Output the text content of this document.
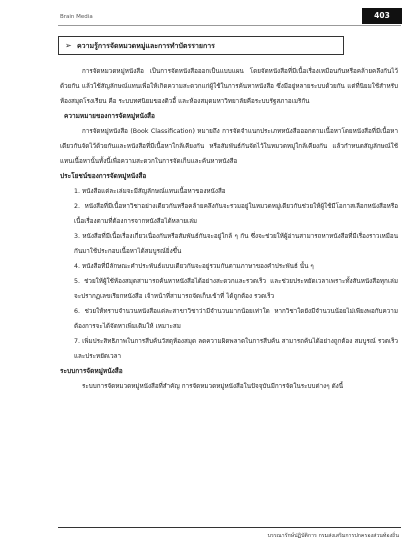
Brain Media	403
➢ ความรู้การจัดหมวดหมู่และการทำบัตรรายการ

การจัดหมวดหมู่หนังสือ เป็นการจัดหนังสือออกเป็นแบบแผน โดยจัดหนังสือที่มีเนื้อเรื่องเหมือนกันหรือคล้ายคลึงกันไว้ด้วยกัน แล้วใช้สัญลักษณ์แทนเพื่อให้เกิดความสะดวกแก่ผู้ใช้ในการค้นหาหนังสือ ซึ่งมีอยู่หลายระบบด้วยกัน แต่ที่นิยมใช้สำหรับห้องสมุดโรงเรียน คือ ระบบทศนิยมของดิวอี้ และห้องสมุดมหาวิทยาลัยคือระบบรัฐสภาอเมริกัน

ความหมายของการจัดหมู่หนังสือ

การจัดหมู่หนังสือ (Book Classification) หมายถึง การจัดจำแนกประเภทหนังสือออกตามเนื้อหาโดยหนังสือที่มีเนื้อหาเดียวกันจัดไว้ด้วยกันและหนังสือที่มีเนื้อหาใกล้เคียงกัน หรือสัมพันธ์กันจัดไว้ในหมวดหมู่ใกล้เคียงกัน แล้วกำหนดสัญลักษณ์ใช้แทนเนื้อหานั้นทั้งนี้เพื่อความสะดวกในการจัดเก็บและค้นหาหนังสือ

ประโยชน์ของการจัดหมู่หนังสือ

1. หนังสือแต่ละเล่มจะมีสัญลักษณ์แทนเนื้อหาของหนังสือ

2. หนังสือที่มีเนื้อหาวิชาอย่างเดียวกันหรือคล้ายคลึงกันจะรวมอยู่ในหมวดหมู่เดียวกันช่วยให้ผู้ใช้มีโอกาสเลือกหนังสือหรือเนื้อเรื่องตามที่ต้องการจากหนังสือได้หลายเล่ม

3. หนังสือที่มีเนื้อเรื่องเกี่ยวเนื่องกันหรือสัมพันธ์กันจะอยู่ใกล้ ๆ กัน ซึ่งจะช่วยให้ผู้อ่านสามารถหาหนังสือที่มีเรื่องราวเหมือนกันมาใช้ประกอบเนื้อหาได้สมบูรณ์ยิ่งขึ้น

4. หนังสือที่มีลักษณะคำประพันธ์แบบเดียวกันจะอยู่รวมกันตามภาษาของคำประพันธ์ นั้น ๆ

5. ช่วยให้ผู้ใช้ห้องสมุดสามารถค้นหาหนังสือได้อย่างสะดวกและรวดเร็ว และช่วยประหยัดเวลาเพราะทั้งสันหนังสือทุกเล่มจะปรากฏเลขเรียกหนังสือ เจ้าหน้าที่สามารถจัดเก็บเข้าที่ ได้ถูกต้อง รวดเร็ว

6. ช่วยให้ทราบจำนวนหนังสือแต่ละสาขาวิชาว่ามีจำนวนมากน้อยเท่าใด หากวิชาใดยังมีจำนวนน้อยไม่เพียงพอกับความต้องการจะได้จัดหาเพิ่มเติมให้ เหมาะสม

7. เพิ่มประสิทธิภาพในการสืบค้นวัสดุห้องสมุด ลดความผิดพลาดในการสืบค้น สามารถค้นได้อย่างถูกต้อง สมบูรณ์ รวดเร็วและประหยัดเวลา

ระบบการจัดหมู่หนังสือ

ระบบการจัดหมวดหมู่หนังสือที่สำคัญ การจัดหมวดหมู่หนังสือในปัจจุบันมีการจัดในระบบต่างๆ ดังนี้

บรรณารักษ์ปฏิบัติการ กรมส่งเสริมการปกครองส่วนท้องถิ่น
